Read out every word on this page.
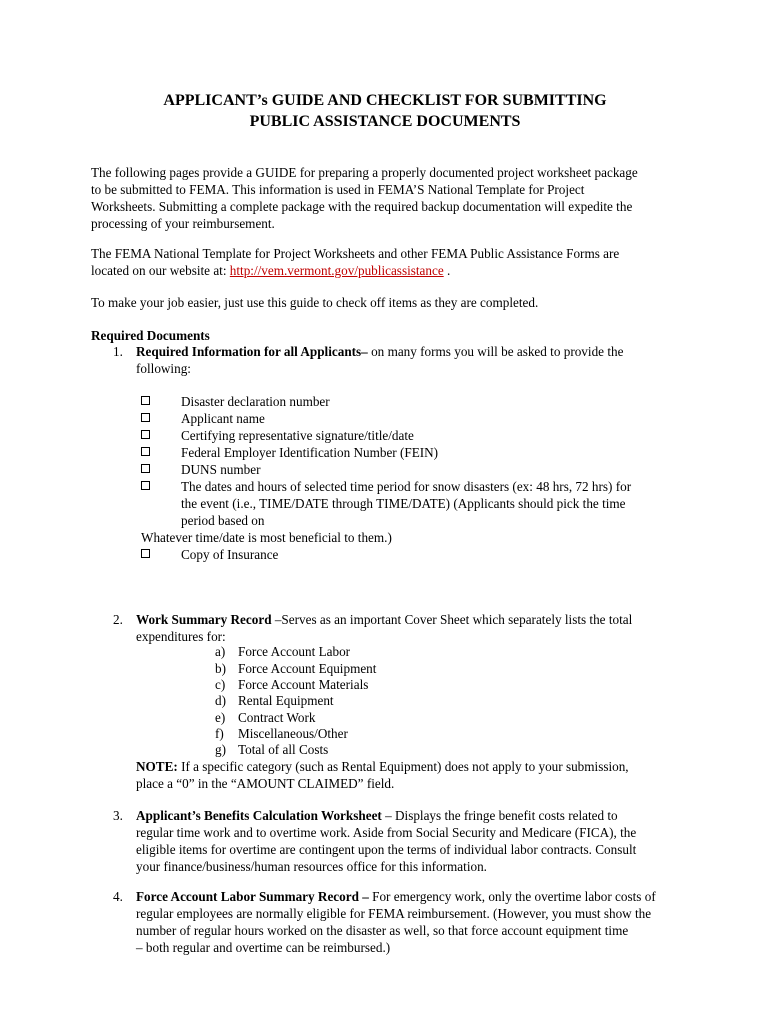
APPLICANT’s GUIDE AND CHECKLIST FOR SUBMITTING
PUBLIC ASSISTANCE DOCUMENTS
The following pages provide a GUIDE for preparing a properly documented project worksheet package
to be submitted to FEMA. This information is used in FEMA’S National Template for Project
Worksheets. Submitting a complete package with the required backup documentation will expedite the
processing of your reimbursement.
The FEMA National Template for Project Worksheets and other FEMA Public Assistance Forms are
located on our website at: http://vem.vermont.gov/publicassistance .
To make your job easier, just use this guide to check off items as they are completed.
Required Documents
1. Required Information for all Applicants– on many forms you will be asked to provide the
following:
Disaster declaration number
Applicant name
Certifying representative signature/title/date
Federal Employer Identification Number (FEIN)
DUNS number
The dates and hours of selected time period for snow disasters (ex: 48 hrs, 72 hrs) for
the event (i.e., TIME/DATE through TIME/DATE) (Applicants should pick the time
period based on
Whatever time/date is most beneficial to them.)
Copy of Insurance
2. Work Summary Record –Serves as an important Cover Sheet which separately lists the total
expenditures for:
a) Force Account Labor
b) Force Account Equipment
c) Force Account Materials
d) Rental Equipment
e) Contract Work
f) Miscellaneous/Other
g) Total of all Costs
NOTE: If a specific category (such as Rental Equipment) does not apply to your submission,
place a “0” in the “AMOUNT CLAIMED” field.
3. Applicant’s Benefits Calculation Worksheet – Displays the fringe benefit costs related to
regular time work and to overtime work. Aside from Social Security and Medicare (FICA), the
eligible items for overtime are contingent upon the terms of individual labor contracts. Consult
your finance/business/human resources office for this information.
4. Force Account Labor Summary Record – For emergency work, only the overtime labor costs of
regular employees are normally eligible for FEMA reimbursement. (However, you must show the
number of regular hours worked on the disaster as well, so that force account equipment time
– both regular and overtime can be reimbursed.)
